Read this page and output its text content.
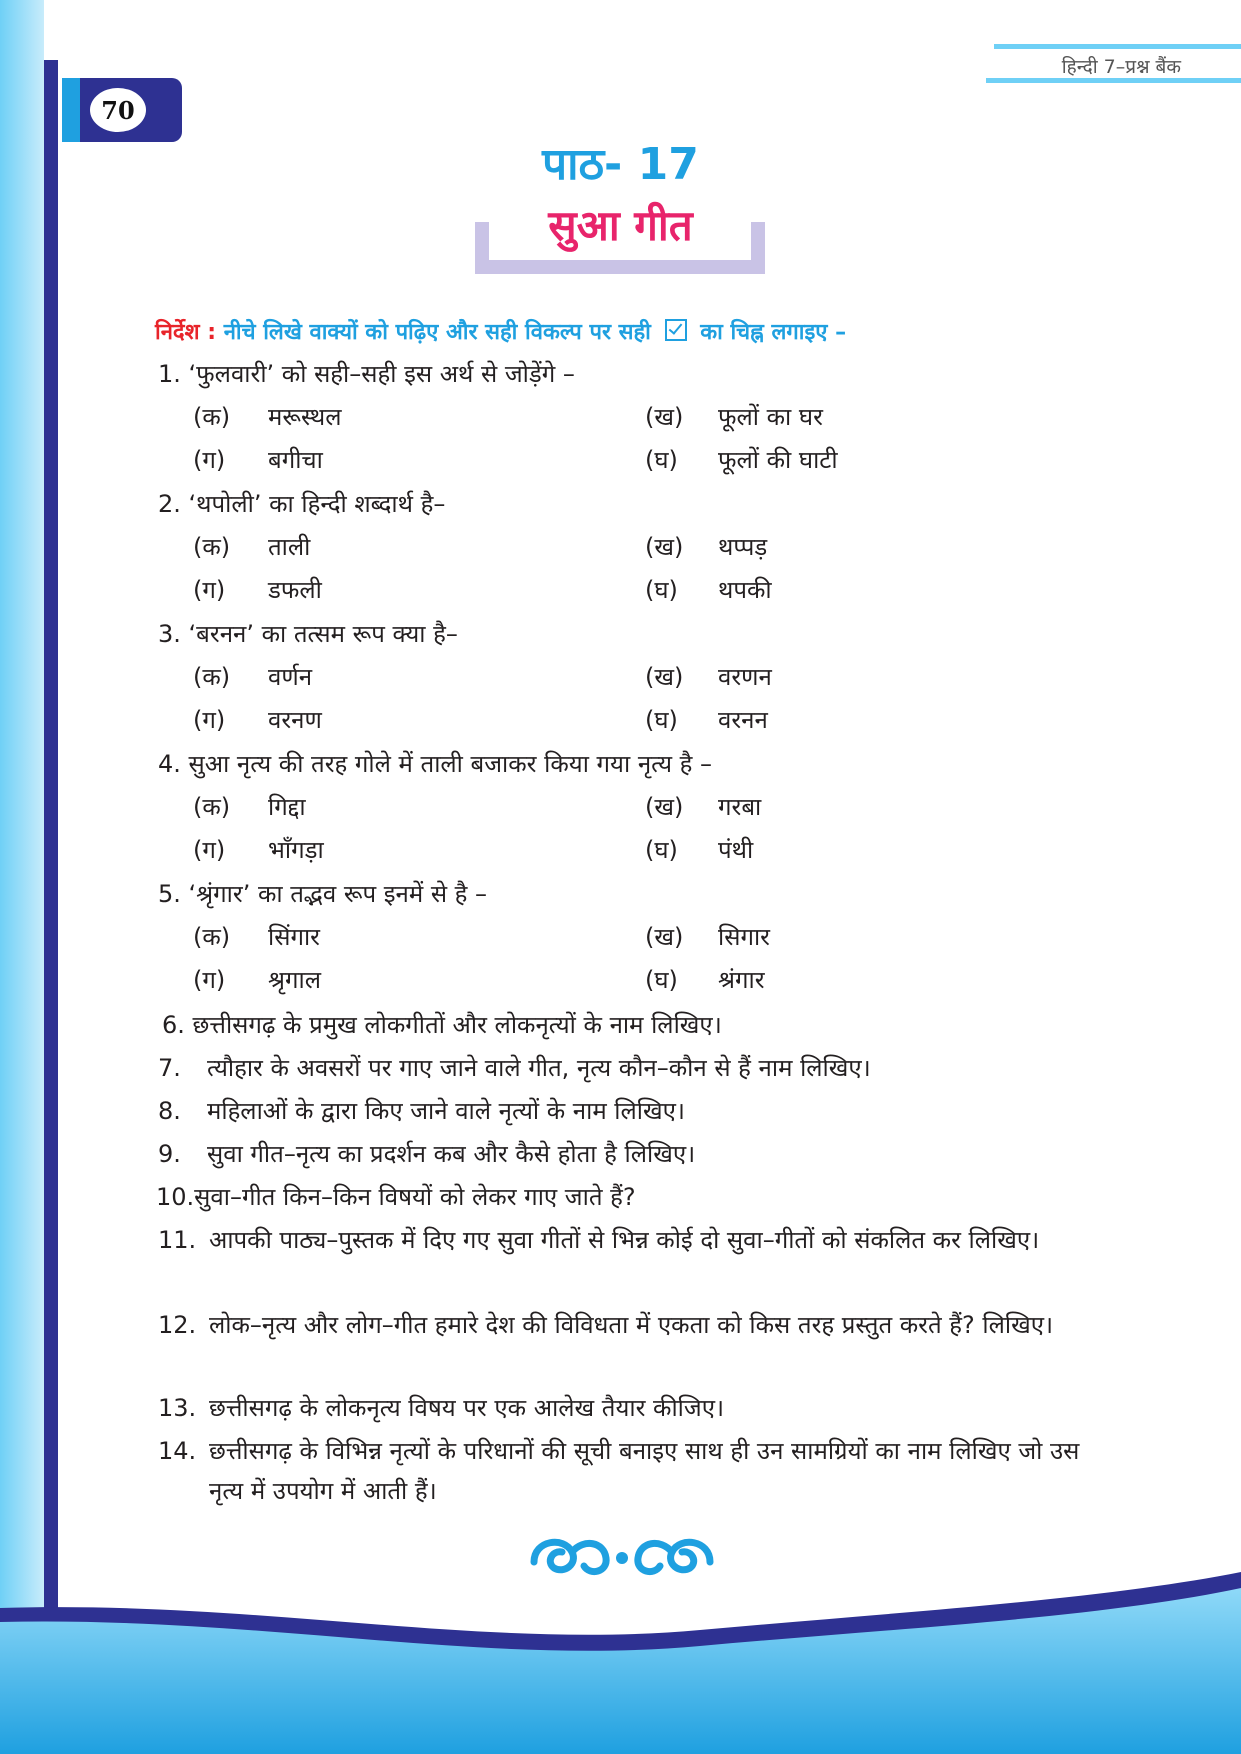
हिन्दी 7–प्रश्न बैंक
70
पाठ- 17
सुआ गीत
निर्देश : नीचे लिखे वाक्यों को पढ़िए और सही विकल्प पर सही का चिह्न लगाइए –
1. ‘फुलवारी’ को सही–सही इस अर्थ से जोड़ेंगे –
(क) मरूस्थल	(ख) फूलों का घर
(ग) बगीचा	(घ) फूलों की घाटी
2. ‘थपोली’ का हिन्दी शब्दार्थ है–
(क) ताली	(ख) थप्पड़
(ग) डफली	(घ) थपकी
3. ‘बरनन’ का तत्सम रूप क्या है–
(क) वर्णन	(ख) वरणन
(ग) वरनण	(घ) वरनन
4. सुआ नृत्य की तरह गोले में ताली बजाकर किया गया नृत्य है –
(क) गिद्दा	(ख) गरबा
(ग) भाँगड़ा	(घ) पंथी
5. ‘श्रृंगार’ का तद्भव रूप इनमें से है –
(क) सिंगार	(ख) सिगार
(ग) श्रृगाल	(घ) श्रंगार
6. छत्तीसगढ़ के प्रमुख लोकगीतों और लोकनृत्यों के नाम लिखिए।
7. त्यौहार के अवसरों पर गाए जाने वाले गीत, नृत्य कौन–कौन से हैं नाम लिखिए।
8. महिलाओं के द्वारा किए जाने वाले नृत्यों के नाम लिखिए।
9. सुवा गीत–नृत्य का प्रदर्शन कब और कैसे होता है लिखिए।
10.सुवा–गीत किन–किन विषयों को लेकर गाए जाते हैं?
11. आपकी पाठ्य–पुस्तक में दिए गए सुवा गीतों से भिन्न कोई दो सुवा–गीतों को संकलित कर लिखिए।
12. लोक–नृत्य और लोग–गीत हमारे देश की विविधता में एकता को किस तरह प्रस्तुत करते हैं? लिखिए।
13. छत्तीसगढ़ के लोकनृत्य विषय पर एक आलेख तैयार कीजिए।
14. छत्तीसगढ़ के विभिन्न नृत्यों के परिधानों की सूची बनाइए साथ ही उन सामग्रियों का नाम लिखिए जो उस नृत्य में उपयोग में आती हैं।
